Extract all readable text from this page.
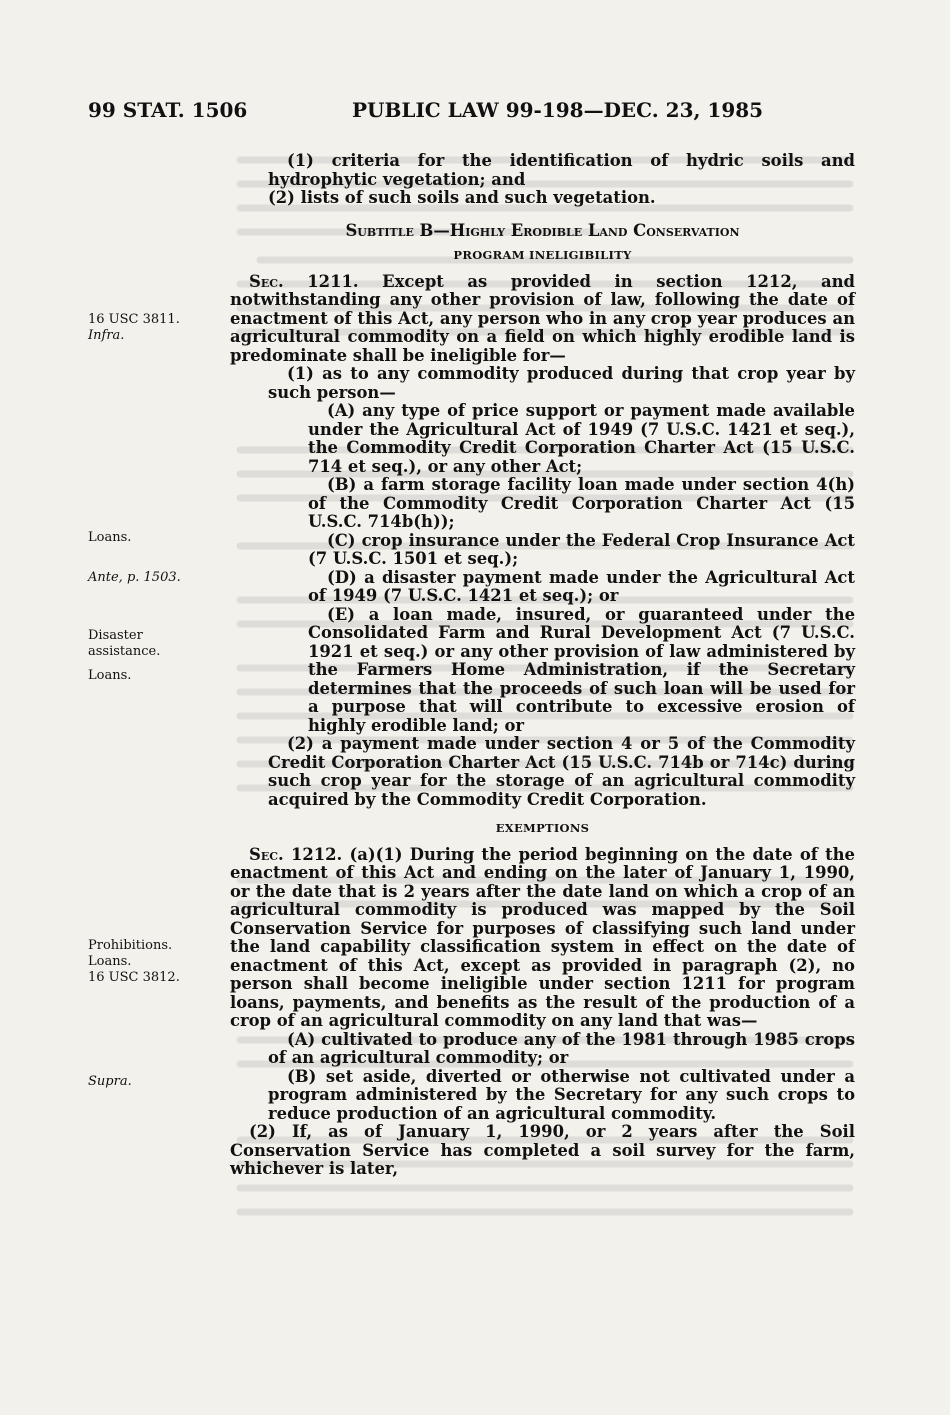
99 STAT. 1506	PUBLIC LAW 99-198—DEC. 23, 1985
16 USC 3811.
Infra.
Loans.
Ante, p. 1503.
Disaster
assistance.
Loans.
Prohibitions.
Loans.
16 USC 3812.
Supra.

(1) criteria for the identification of hydric soils and hydrophytic vegetation; and

(2) lists of such soils and such vegetation.

Subtitle B—Highly Erodible Land Conservation

PROGRAM INELIGIBILITY

Sec. 1211. Except as provided in section 1212, and notwithstanding any other provision of law, following the date of enactment of this Act, any person who in any crop year produces an agricultural commodity on a field on which highly erodible land is predominate shall be ineligible for—

(1) as to any commodity produced during that crop year by such person—

(A) any type of price support or payment made available under the Agricultural Act of 1949 (7 U.S.C. 1421 et seq.), the Commodity Credit Corporation Charter Act (15 U.S.C. 714 et seq.), or any other Act;

(B) a farm storage facility loan made under section 4(h) of the Commodity Credit Corporation Charter Act (15 U.S.C. 714b(h));

(C) crop insurance under the Federal Crop Insurance Act (7 U.S.C. 1501 et seq.);

(D) a disaster payment made under the Agricultural Act of 1949 (7 U.S.C. 1421 et seq.); or

(E) a loan made, insured, or guaranteed under the Consolidated Farm and Rural Development Act (7 U.S.C. 1921 et seq.) or any other provision of law administered by the Farmers Home Administration, if the Secretary determines that the proceeds of such loan will be used for a purpose that will contribute to excessive erosion of highly erodible land; or

(2) a payment made under section 4 or 5 of the Commodity Credit Corporation Charter Act (15 U.S.C. 714b or 714c) during such crop year for the storage of an agricultural commodity acquired by the Commodity Credit Corporation.

EXEMPTIONS

Sec. 1212. (a)(1) During the period beginning on the date of the enactment of this Act and ending on the later of January 1, 1990, or the date that is 2 years after the date land on which a crop of an agricultural commodity is produced was mapped by the Soil Conservation Service for purposes of classifying such land under the land capability classification system in effect on the date of enactment of this Act, except as provided in paragraph (2), no person shall become ineligible under section 1211 for program loans, payments, and benefits as the result of the production of a crop of an agricultural commodity on any land that was—

(A) cultivated to produce any of the 1981 through 1985 crops of an agricultural commodity; or

(B) set aside, diverted or otherwise not cultivated under a program administered by the Secretary for any such crops to reduce production of an agricultural commodity.

(2) If, as of January 1, 1990, or 2 years after the Soil Conservation Service has completed a soil survey for the farm, whichever is later,
